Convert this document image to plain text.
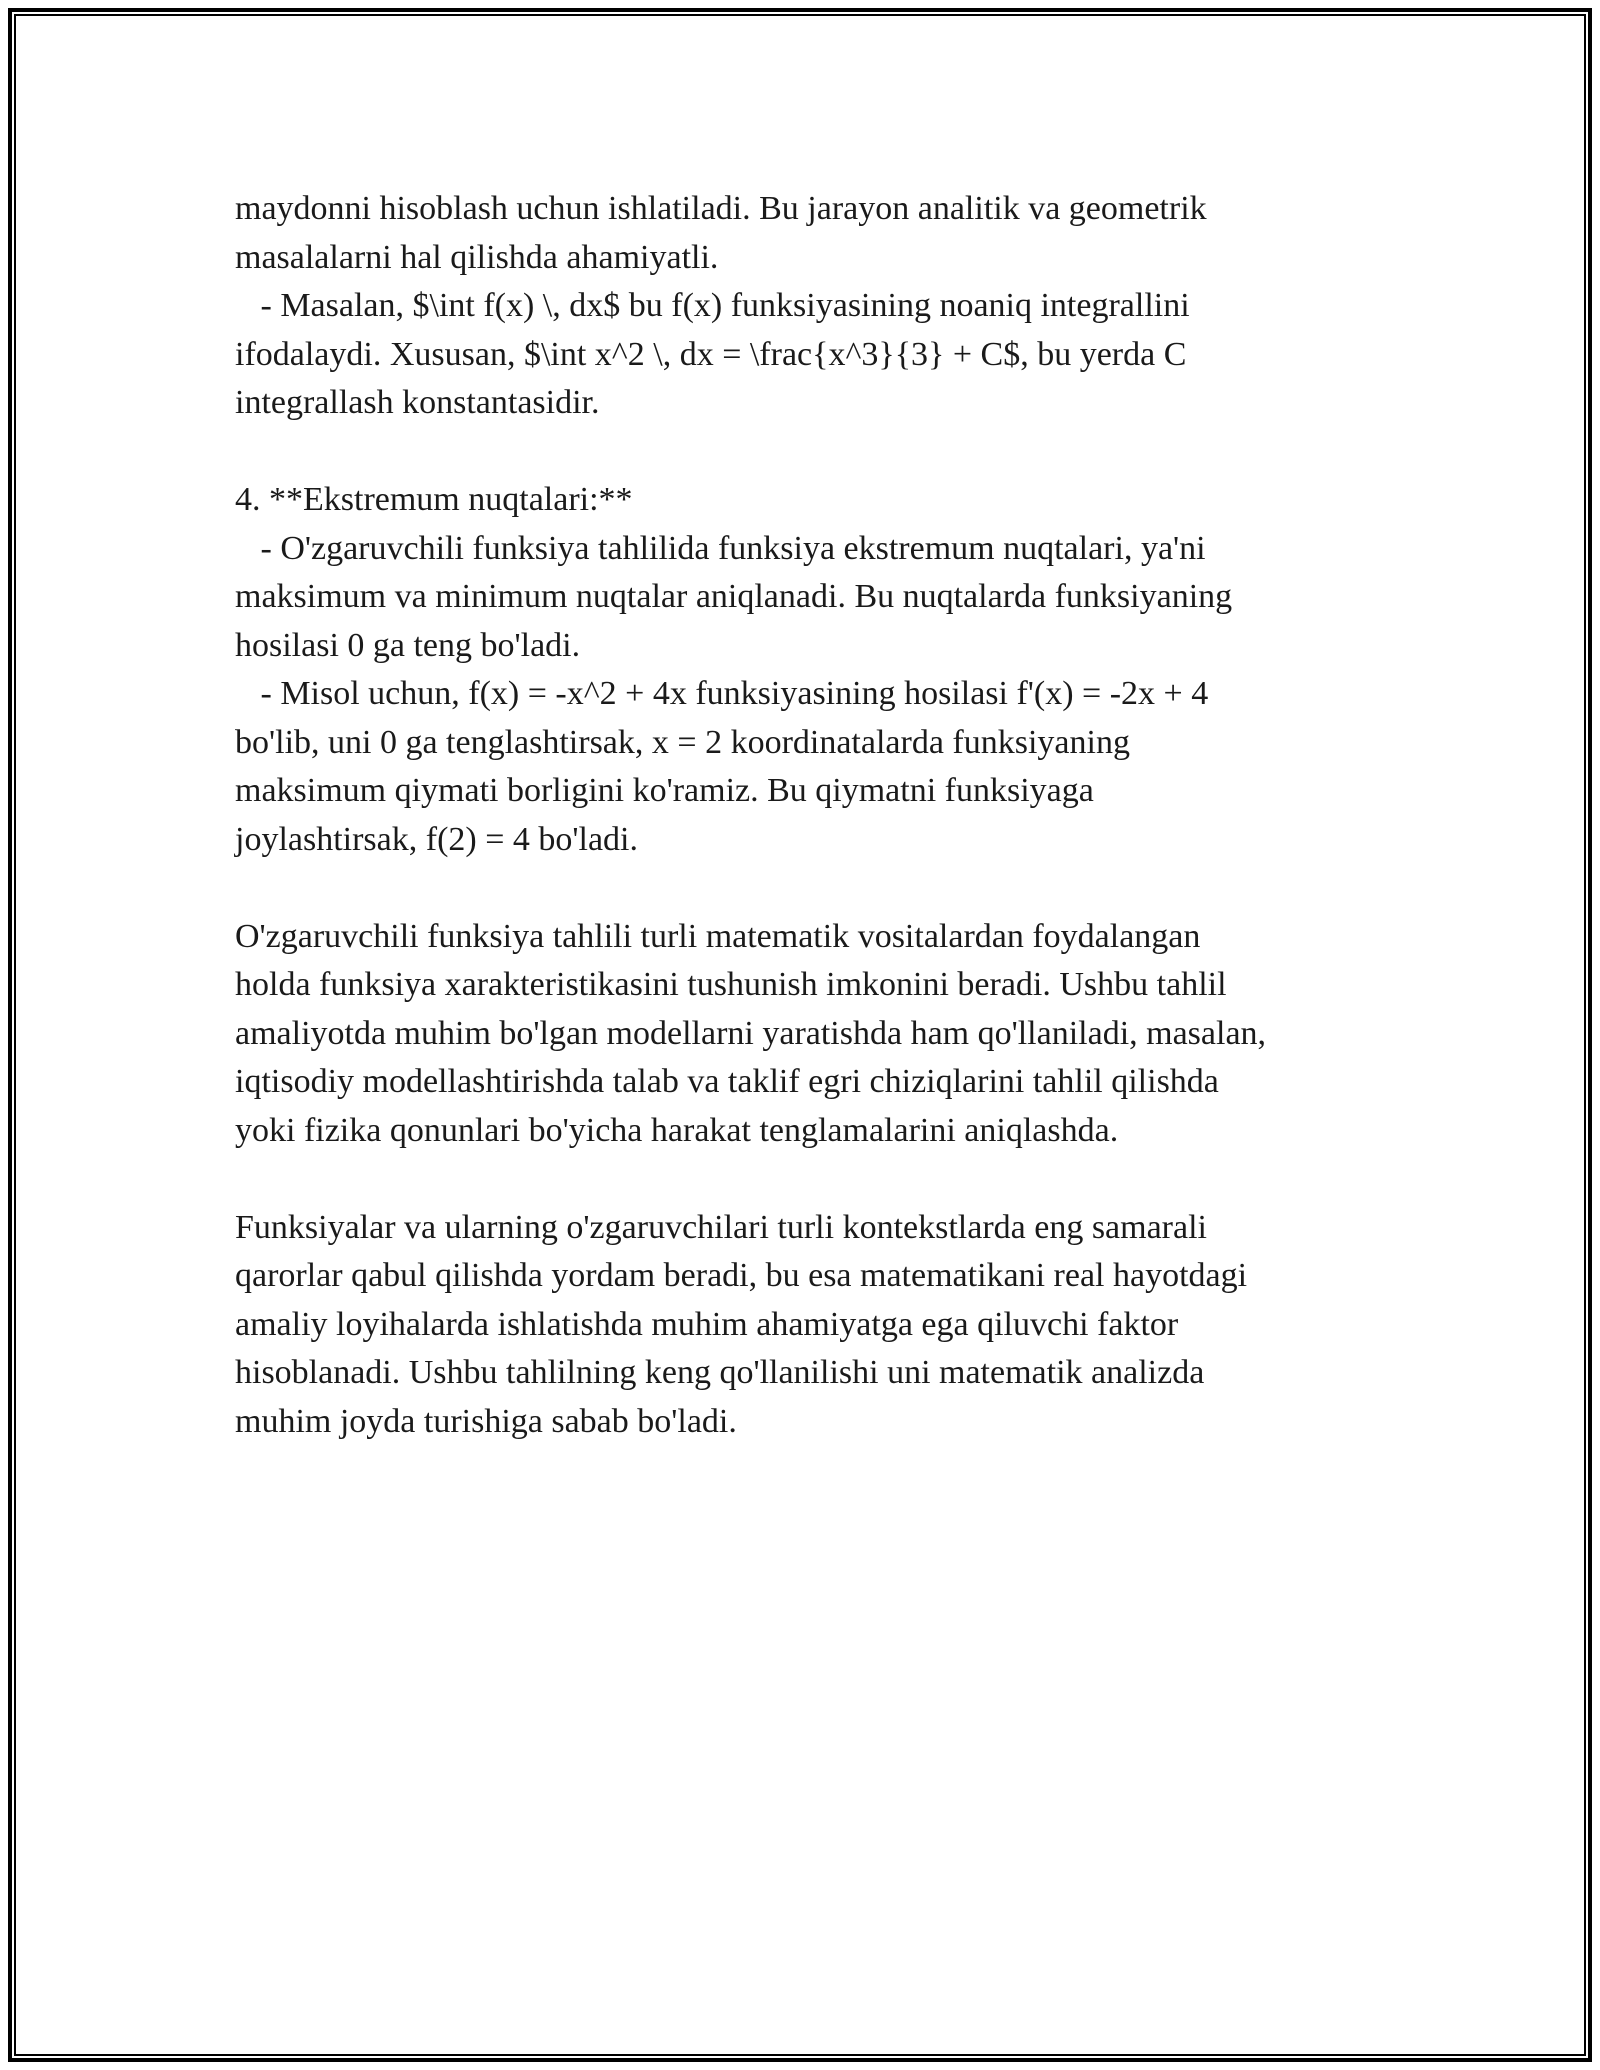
maydonni hisoblash uchun ishlatiladi. Bu jarayon analitik va geometrik
masalalarni hal qilishda ahamiyatli.
- Masalan, $\int f(x) \, dx$ bu f(x) funksiyasining noaniq integrallini
ifodalaydi. Xususan, $\int x^2 \, dx = \frac{x^3}{3} + C$, bu yerda C
integrallash konstantasidir.
4. **Ekstremum nuqtalari:**
- O'zgaruvchili funksiya tahlilida funksiya ekstremum nuqtalari, ya'ni
maksimum va minimum nuqtalar aniqlanadi. Bu nuqtalarda funksiyaning
hosilasi 0 ga teng bo'ladi.
- Misol uchun, f(x) = -x^2 + 4x funksiyasining hosilasi f'(x) = -2x + 4
bo'lib, uni 0 ga tenglashtirsak, x = 2 koordinatalarda funksiyaning
maksimum qiymati borligini ko'ramiz. Bu qiymatni funksiyaga
joylashtirsak, f(2) = 4 bo'ladi.
O'zgaruvchili funksiya tahlili turli matematik vositalardan foydalangan
holda funksiya xarakteristikasini tushunish imkonini beradi. Ushbu tahlil
amaliyotda muhim bo'lgan modellarni yaratishda ham qo'llaniladi, masalan,
iqtisodiy modellashtirishda talab va taklif egri chiziqlarini tahlil qilishda
yoki fizika qonunlari bo'yicha harakat tenglamalarini aniqlashda.
Funksiyalar va ularning o'zgaruvchilari turli kontekstlarda eng samarali
qarorlar qabul qilishda yordam beradi, bu esa matematikani real hayotdagi
amaliy loyihalarda ishlatishda muhim ahamiyatga ega qiluvchi faktor
hisoblanadi. Ushbu tahlilning keng qo'llanilishi uni matematik analizda
muhim joyda turishiga sabab bo'ladi.
